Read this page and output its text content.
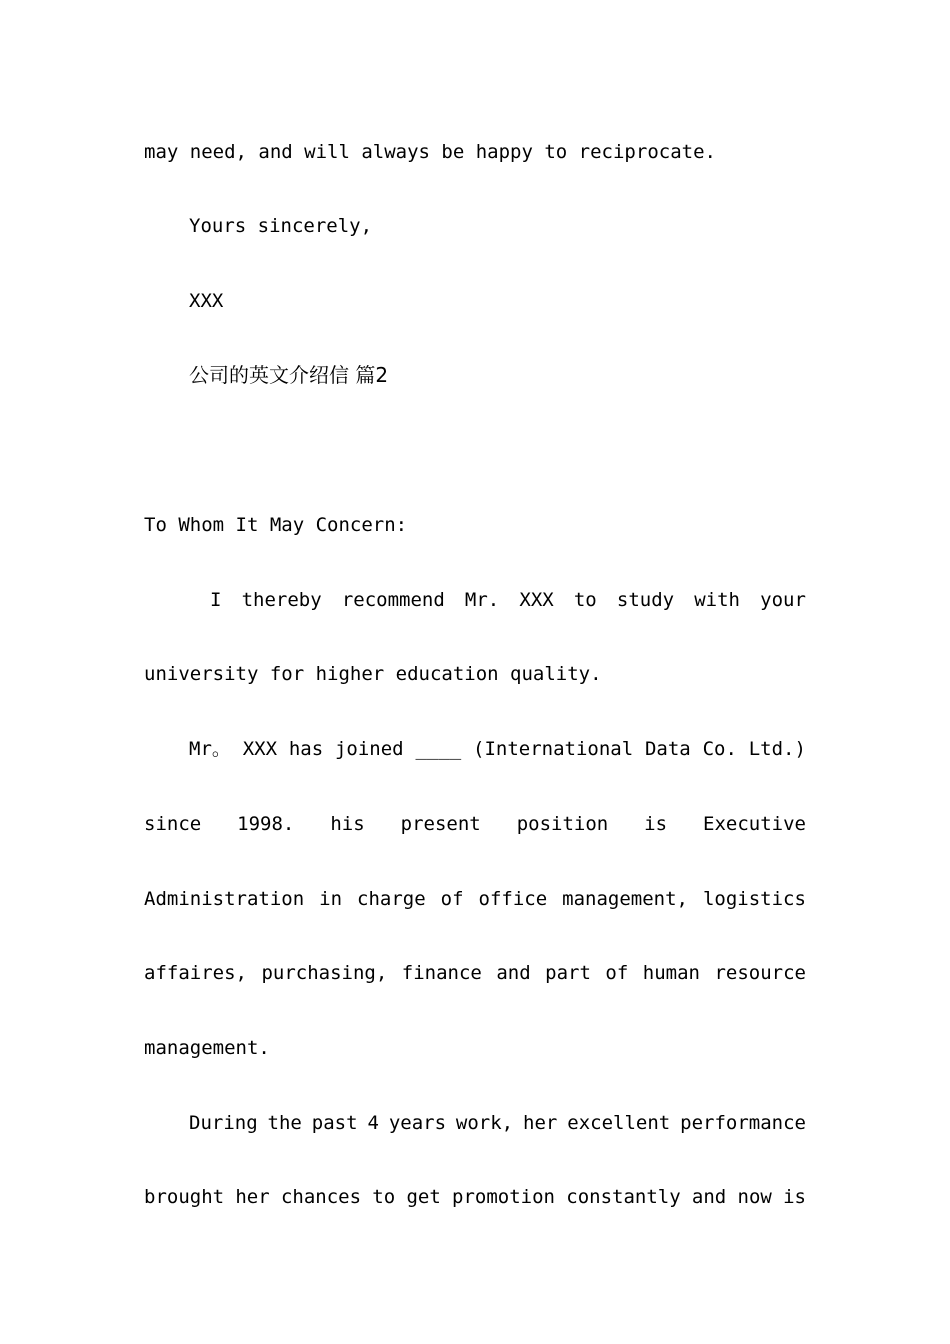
may need, and will always be happy to reciprocate.
Yours sincerely,
XXX
公司的英文介绍信 篇2
To Whom It May Concern:
I thereby recommend Mr. XXX to study with your
university for higher education quality.
Mr。 XXX has joined ____ (International Data Co. Ltd.)
since 1998. his present position is Executive
Administration in charge of office management, logistics
affaires, purchasing, finance and part of human resource
management.
During the past 4 years work, her excellent performance
brought her chances to get promotion constantly and now is
